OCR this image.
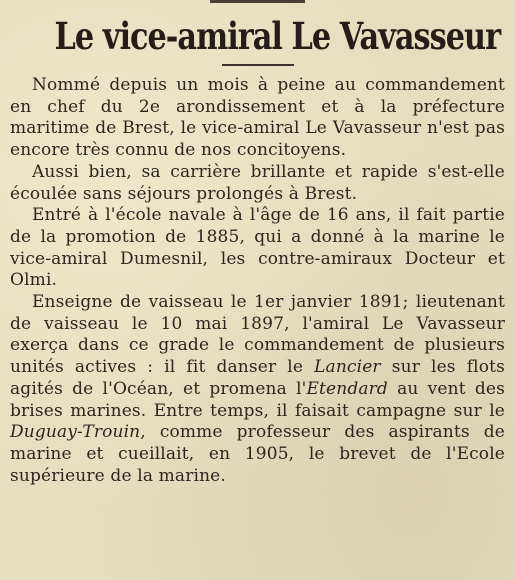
Le vice-amiral Le Vavasseur

Nommé depuis un mois à peine au commandement en chef du 2e arondissement et à la préfecture maritime de Brest, le vice-amiral Le Vavasseur n'est pas encore très connu de nos concitoyens.

Aussi bien, sa carrière brillante et rapide s'est-elle écoulée sans séjours prolongés à Brest.

Entré à l'école navale à l'âge de 16 ans, il fait partie de la promotion de 1885, qui a donné à la marine le vice-amiral Dumesnil, les contre-amiraux Docteur et Olmi.

Enseigne de vaisseau le 1er janvier 1891; lieutenant de vaisseau le 10 mai 1897, l'amiral Le Vavasseur exerça dans ce grade le commandement de plusieurs unités actives : il fit danser le Lancier sur les flots agités de l'Océan, et promena l'Etendard au vent des brises marines. Entre temps, il faisait campagne sur le Duguay-Trouin, comme professeur des aspirants de marine et cueillait, en 1905, le brevet de l'Ecole supérieure de la marine.
